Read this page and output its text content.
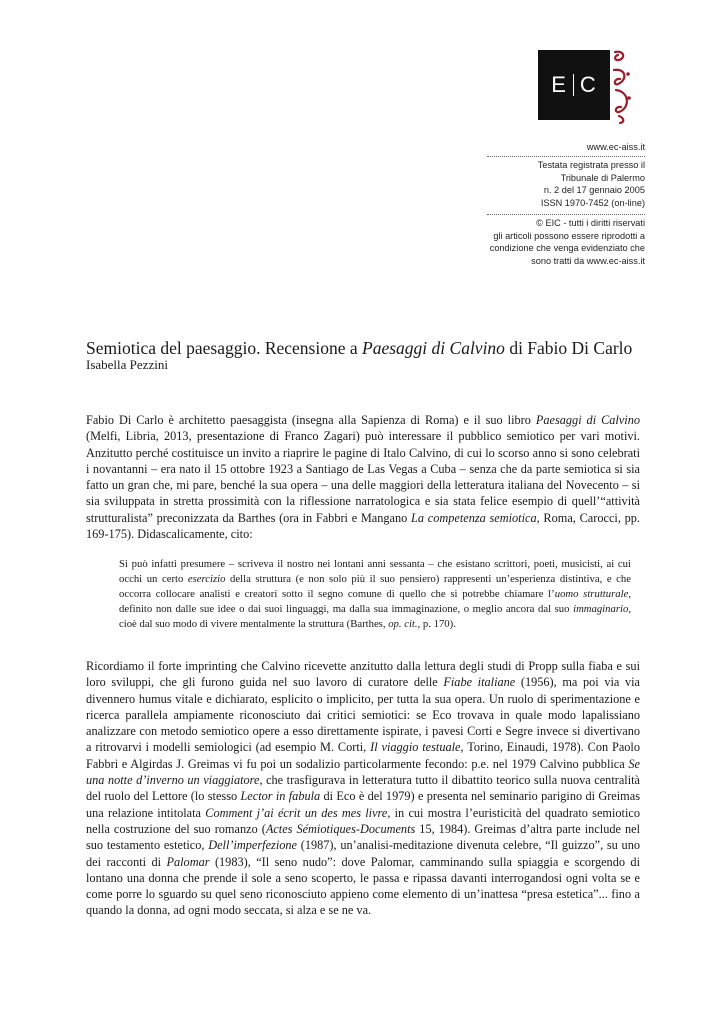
E C
www.ec-aiss.it
Testata registrata presso il
Tribunale di Palermo
n. 2 del 17 gennaio 2005
ISSN 1970-7452 (on-line)
© EIC - tutti i diritti riservati
gli articoli possono essere riprodotti a
condizione che venga evidenziato che
sono tratti da www.ec-aiss.it
Semiotica del paesaggio. Recensione a Paesaggi di Calvino di Fabio Di Carlo
Isabella Pezzini
Fabio Di Carlo è architetto paesaggista (insegna alla Sapienza di Roma) e il suo libro Paesaggi di Calvino (Melfi, Libria, 2013, presentazione di Franco Zagari) può interessare il pubblico semiotico per vari motivi. Anzitutto perché costituisce un invito a riaprire le pagine di Italo Calvino, di cui lo scorso anno si sono celebrati i novantanni – era nato il 15 ottobre 1923 a Santiago de Las Vegas a Cuba – senza che da parte semiotica si sia fatto un gran che, mi pare, benché la sua opera – una delle maggiori della letteratura italiana del Novecento – si sia sviluppata in stretta prossimità con la riflessione narratologica e sia stata felice esempio di quell’“attività strutturalista” preconizzata da Barthes (ora in Fabbri e Mangano La competenza semiotica, Roma, Carocci, pp. 169-175). Didascalicamente, cito:
Si può infatti presumere – scriveva il nostro nei lontani anni sessanta – che esistano scrittori, poeti, musicisti, ai cui occhi un certo esercizio della struttura (e non solo più il suo pensiero) rappresenti un’esperienza distintiva, e che occorra collocare analisti e creatori sotto il segno comune di quello che si potrebbe chiamare l’uomo strutturale, definito non dalle sue idee o dai suoi linguaggi, ma dalla sua immaginazione, o meglio ancora dal suo immaginario, cioè dal suo modo di vivere mentalmente la struttura (Barthes, op. cit., p. 170).
Ricordiamo il forte imprinting che Calvino ricevette anzitutto dalla lettura degli studi di Propp sulla fiaba e sui loro sviluppi, che gli furono guida nel suo lavoro di curatore delle Fiabe italiane (1956), ma poi via via divennero humus vitale e dichiarato, esplicito o implicito, per tutta la sua opera. Un ruolo di sperimentazione e ricerca parallela ampiamente riconosciuto dai critici semiotici: se Eco trovava in quale modo lapalissiano analizzare con metodo semiotico opere a esso direttamente ispirate, i pavesi Corti e Segre invece si divertivano a ritrovarvi i modelli semiologici (ad esempio M. Corti, Il viaggio testuale, Torino, Einaudi, 1978). Con Paolo Fabbri e Algirdas J. Greimas vi fu poi un sodalizio particolarmente fecondo: p.e. nel 1979 Calvino pubblica Se una notte d’inverno un viaggiatore, che trasfigurava in letteratura tutto il dibattito teorico sulla nuova centralità del ruolo del Lettore (lo stesso Lector in fabula di Eco è del 1979) e presenta nel seminario parigino di Greimas una relazione intitolata Comment j’ai écrit un des mes livre, in cui mostra l’euristicità del quadrato semiotico nella costruzione del suo romanzo (Actes Sémiotiques-Documents 15, 1984). Greimas d’altra parte include nel suo testamento estetico, Dell’imperfezione (1987), un’analisi-meditazione divenuta celebre, “Il guizzo”, su uno dei racconti di Palomar (1983), “Il seno nudo”: dove Palomar, camminando sulla spiaggia e scorgendo di lontano una donna che prende il sole a seno scoperto, le passa e ripassa davanti interrogandosi ogni volta se e come porre lo sguardo su quel seno riconosciuto appieno come elemento di un’inattesa “presa estetica”... fino a quando la donna, ad ogni modo seccata, si alza e se ne va.
